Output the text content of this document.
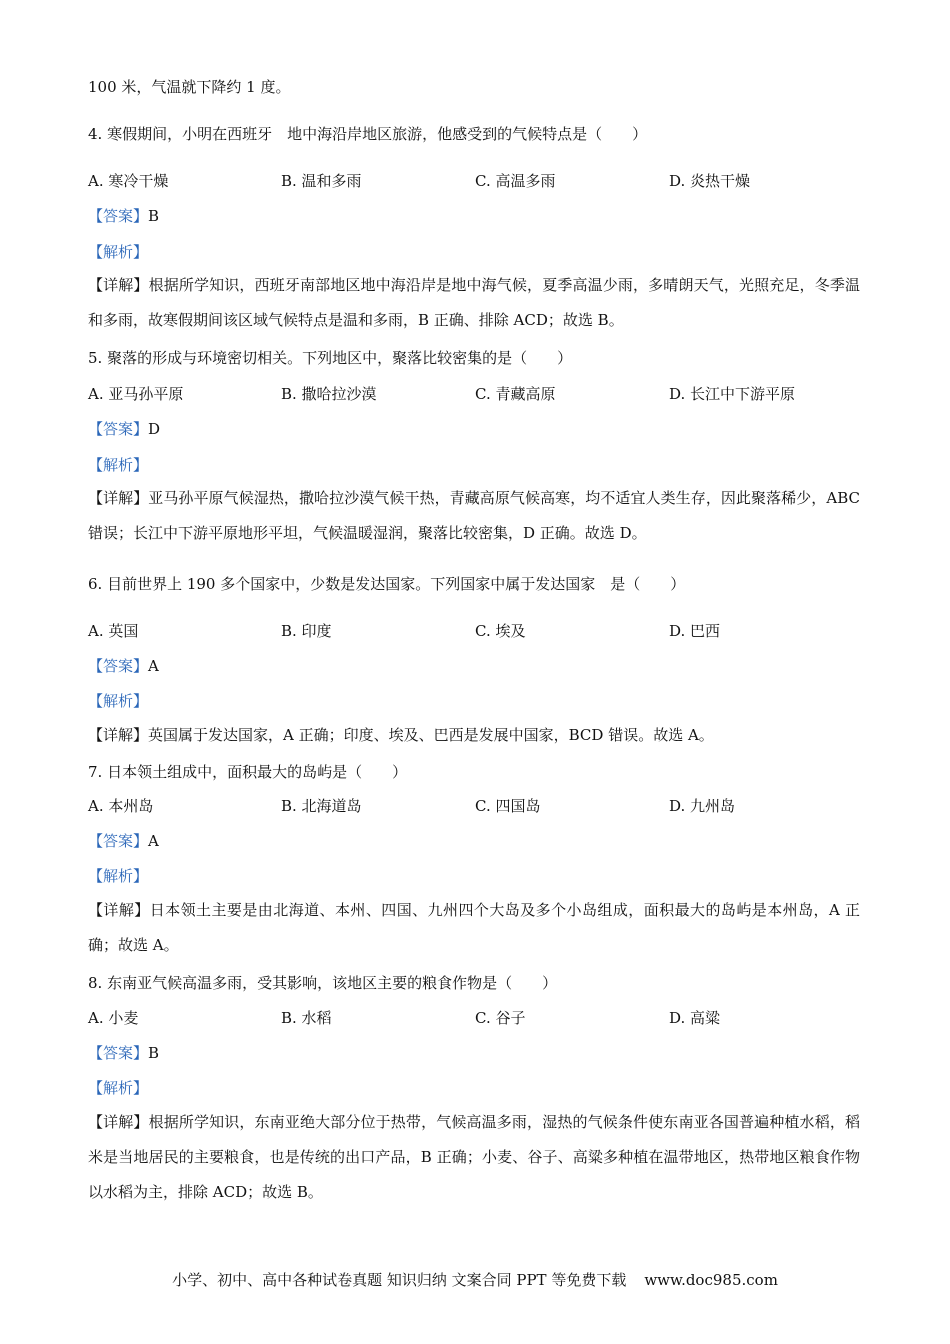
100 米，气温就下降约 1 度。
4. 寒假期间，小明在西班牙　地中海沿岸地区旅游，他感受到的气候特点是（　　）
A. 寒冷干燥	B. 温和多雨	C. 高温多雨	D. 炎热干燥
【答案】B
【解析】
【详解】根据所学知识，西班牙南部地区地中海沿岸是地中海气候，夏季高温少雨，多晴朗天气，光照充足，冬季温和多雨，故寒假期间该区域气候特点是温和多雨，B 正确、排除 ACD；故选 B。
5. 聚落的形成与环境密切相关。下列地区中，聚落比较密集的是（　　）
A. 亚马孙平原	B. 撒哈拉沙漠	C. 青藏高原	D. 长江中下游平原
【答案】D
【解析】
【详解】亚马孙平原气候湿热，撒哈拉沙漠气候干热，青藏高原气候高寒，均不适宜人类生存，因此聚落稀少，ABC 错误；长江中下游平原地形平坦，气候温暖湿润，聚落比较密集，D 正确。故选 D。
6. 目前世界上 190 多个国家中，少数是发达国家。下列国家中属于发达国家　是（　　）
A. 英国	B. 印度	C. 埃及	D. 巴西
【答案】A
【解析】
【详解】英国属于发达国家，A 正确；印度、埃及、巴西是发展中国家，BCD 错误。故选 A。
7. 日本领土组成中，面积最大的岛屿是（　　）
A. 本州岛	B. 北海道岛	C. 四国岛	D. 九州岛
【答案】A
【解析】
【详解】日本领土主要是由北海道、本州、四国、九州四个大岛及多个小岛组成，面积最大的岛屿是本州岛，A 正确；故选 A。
8. 东南亚气候高温多雨，受其影响，该地区主要的粮食作物是（　　）
A. 小麦	B. 水稻	C. 谷子	D. 高粱
【答案】B
【解析】
【详解】根据所学知识，东南亚绝大部分位于热带，气候高温多雨，湿热的气候条件使东南亚各国普遍种植水稻，稻米是当地居民的主要粮食，也是传统的出口产品，B 正确；小麦、谷子、高粱多种植在温带地区，热带地区粮食作物以水稻为主，排除 ACD；故选 B。
小学、初中、高中各种试卷真题 知识归纳 文案合同 PPT 等免费下载 www.doc985.com
